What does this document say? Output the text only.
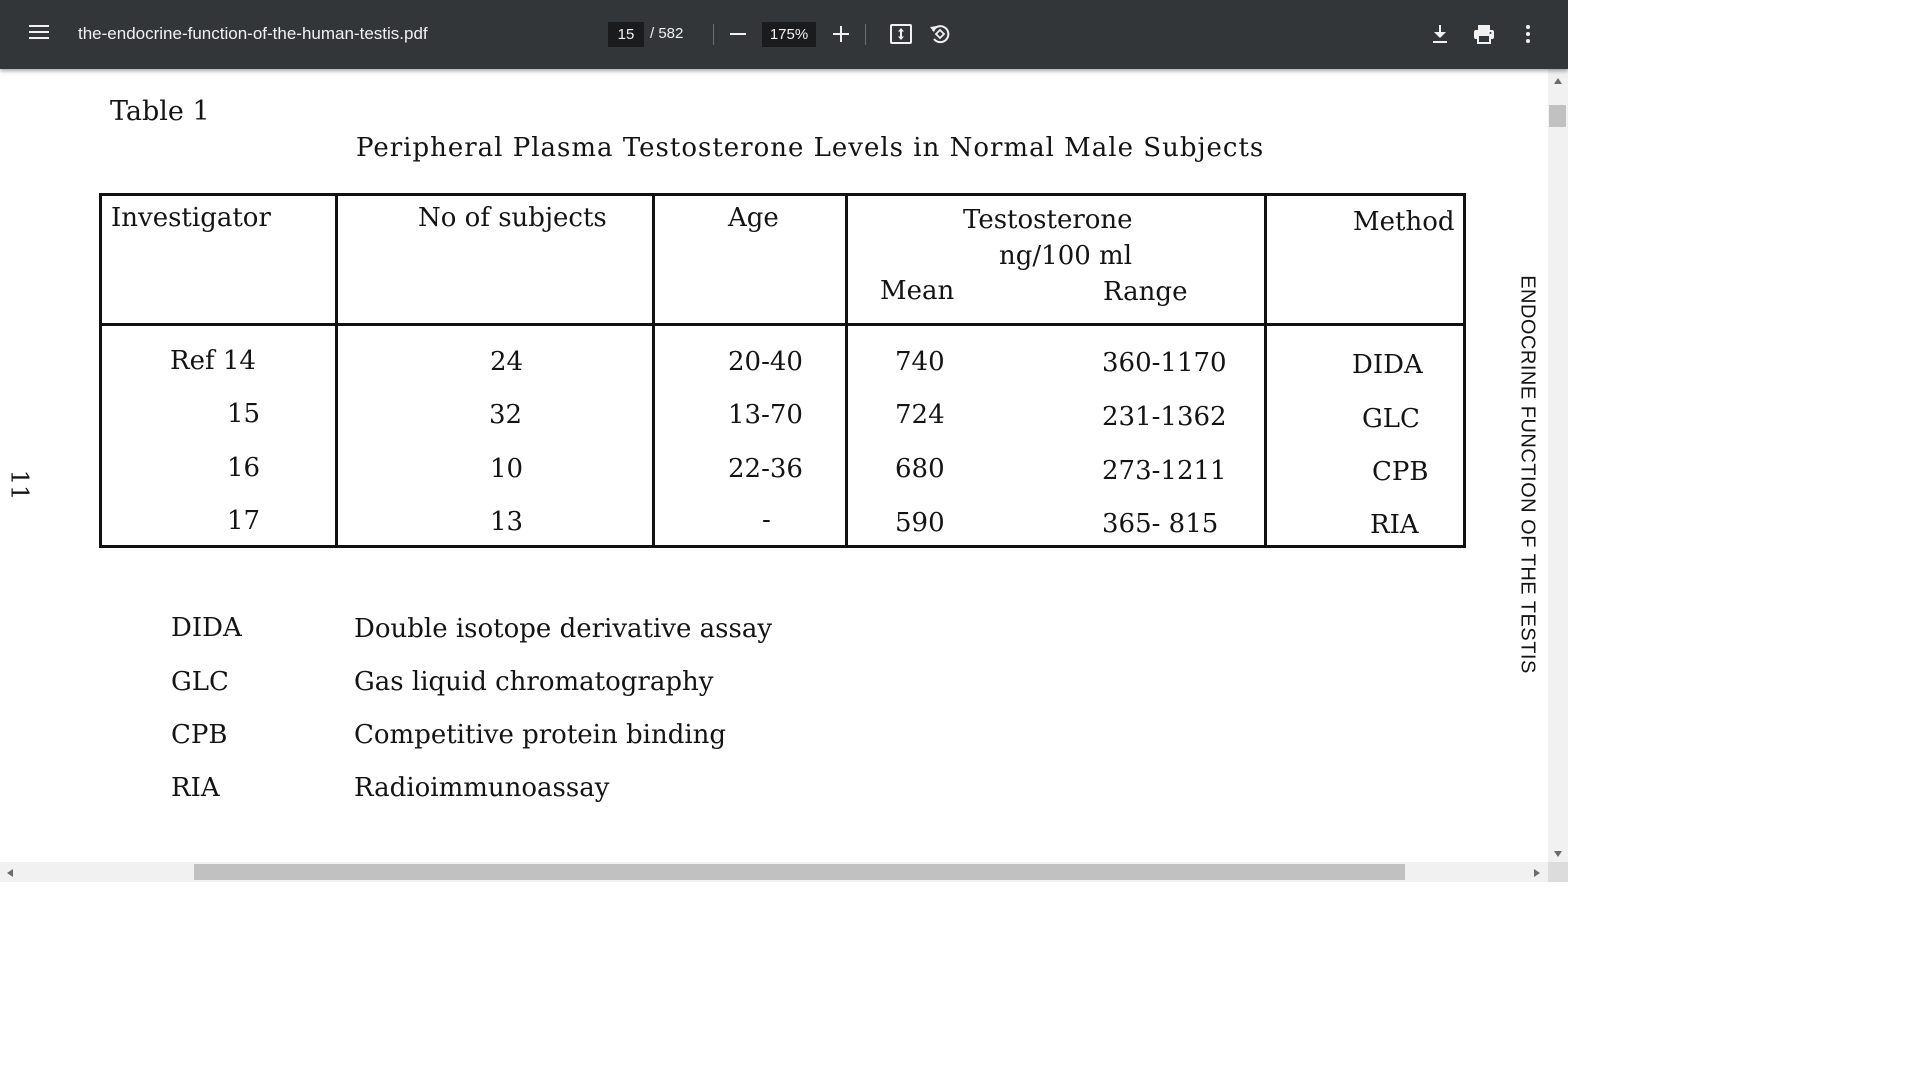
the-endocrine-function-of-the-human-testis.pdf
15	/ 582
175%
Table 1
Peripheral Plasma Testosterone Levels in Normal Male Subjects
Investigator	No of subjects	Age	Testosterone
ng/100 ml
Mean	Range
Method
Ref 14	24	20-40	740	360-1170	DIDA
15	32	13-70	724	231-1362	GLC
16	10	22-36	680	273-1211	CPB
17	13	-	590	365- 815	RIA
DIDA	Double isotope derivative assay
GLC	Gas liquid chromatography
CPB	Competitive protein binding
RIA	Radioimmunoassay
11	ENDOCRINE FUNCTION OF THE TESTIS
